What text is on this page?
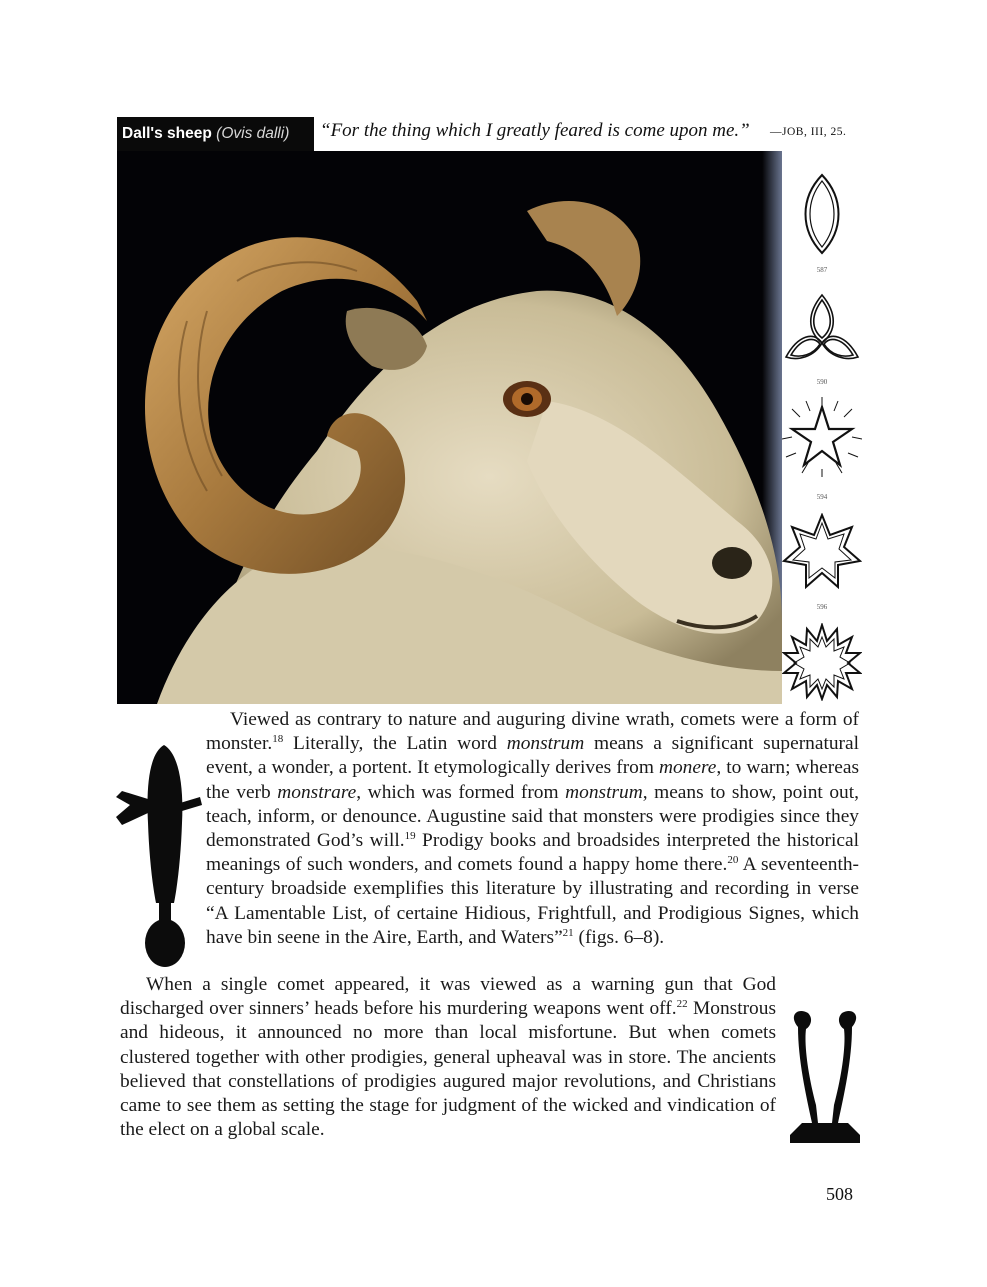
Dall's sheep (Ovis dalli)	“For the thing which I greatly feared is come upon me.” —JOB, III, 25.
587
590
594
596

Viewed as contrary to nature and auguring divine wrath, comets were a form of monster.$^{18}$ Literally, the Latin word monstrum means a significant supernatural event, a wonder, a portent. It etymologically derives from monere, to warn; whereas the verb monstrare, which was formed from monstrum, means to show, point out, teach, inform, or denounce. Augustine said that monsters were prodigies since they demonstrated God’s will.$^{19}$ Prodigy books and broadsides interpreted the historical meanings of such wonders, and comets found a happy home there.$^{20}$ A seventeenth-century broadside exemplifies this literature by illustrating and recording in verse “A Lamentable List, of certaine Hidious, Frightfull, and Prodigious Signes, which have bin seene in the Aire, Earth, and Waters”$^{21}$ (figs. 6–8).

When a single comet appeared, it was viewed as a warning gun that God discharged over sinners’ heads before his murdering weapons went off.$^{22}$ Monstrous and hideous, it announced no more than local misfortune. But when comets clustered together with other prodigies, general upheaval was in store. The ancients believed that constellations of prodigies augured major revolutions, and Christians came to see them as setting the stage for judgment of the wicked and vindication of the elect on a global scale.

508
